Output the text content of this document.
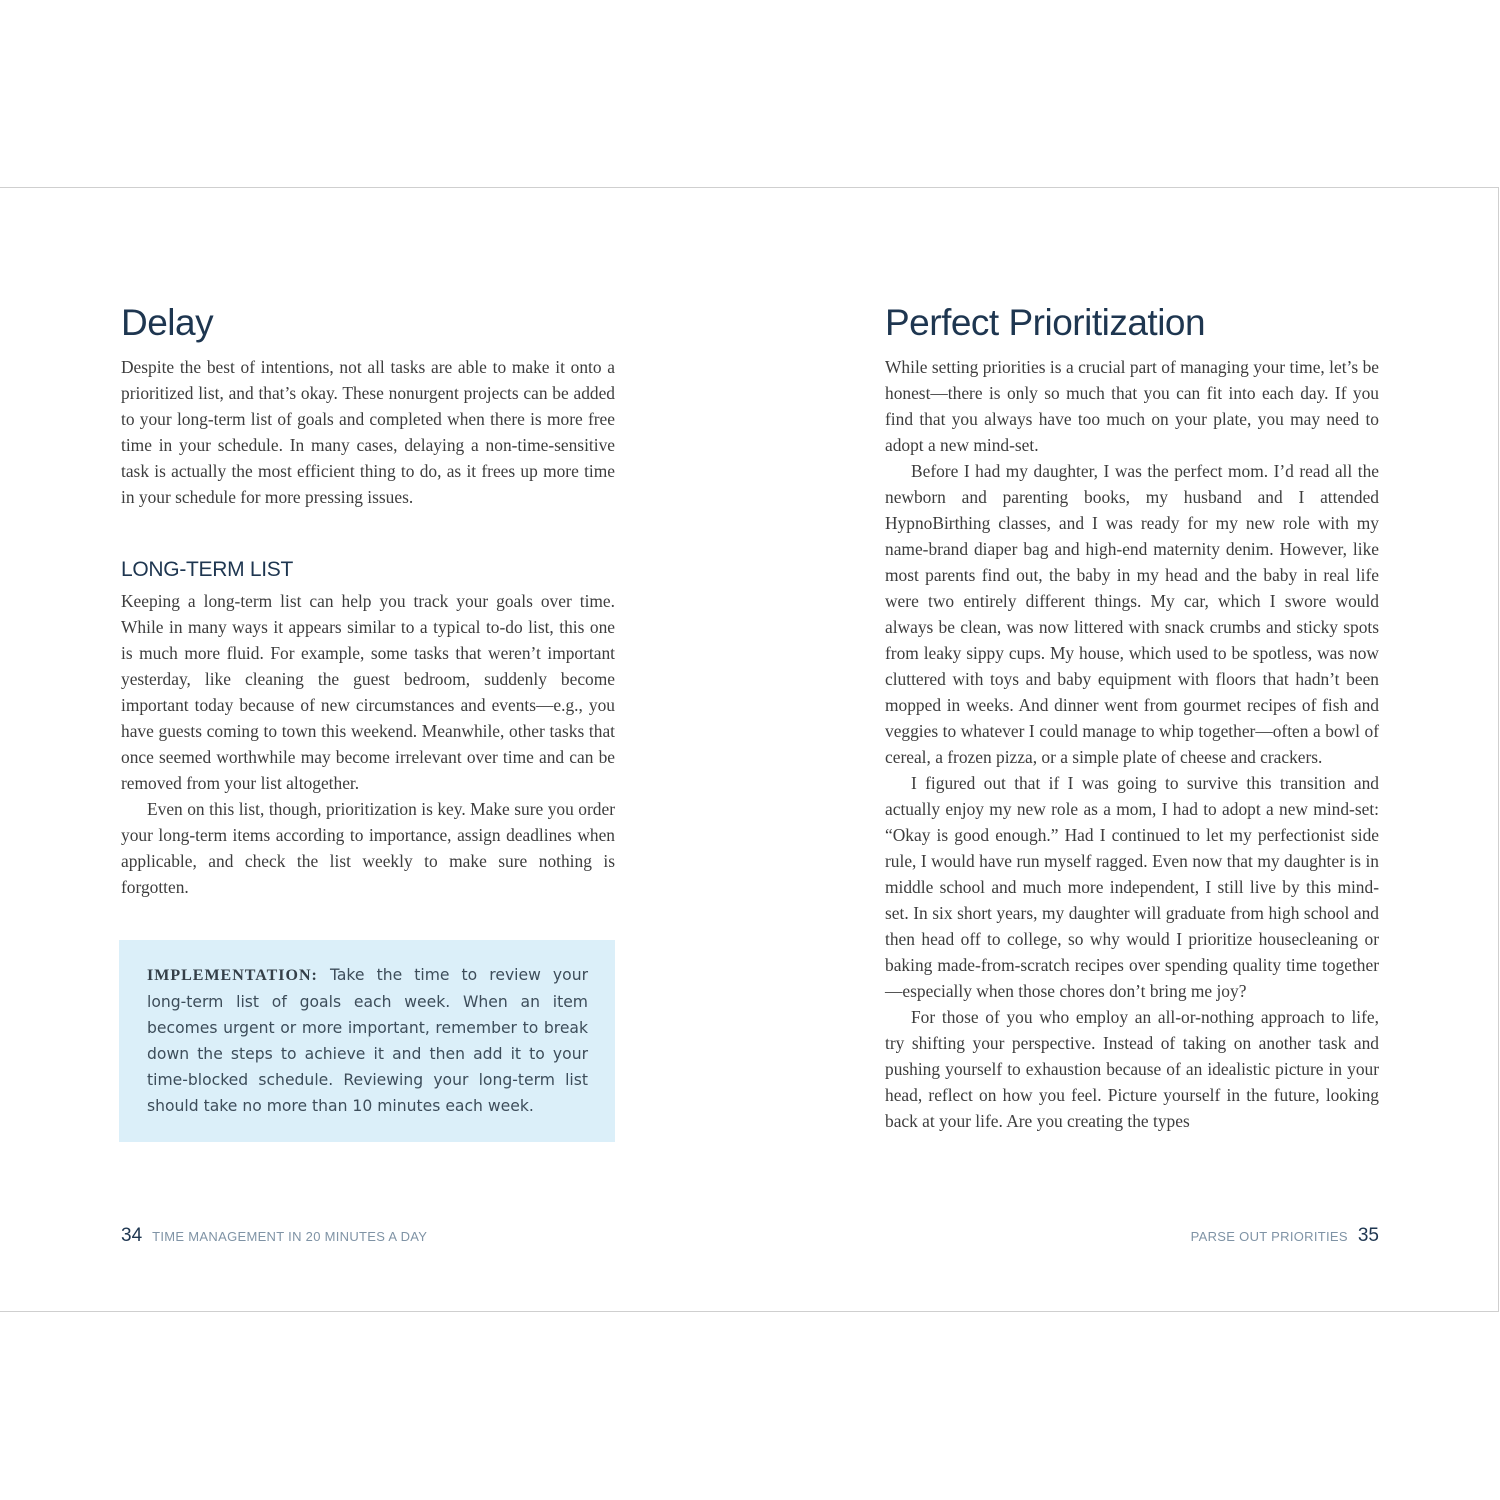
Delay

Despite the best of intentions, not all tasks are able to make it onto a prioritized list, and that’s okay. These nonurgent projects can be added to your long-term list of goals and completed when there is more free time in your schedule. In many cases, delaying a non-time-sensitive task is actually the most efficient thing to do, as it frees up more time in your schedule for more pressing issues.

LONG-TERM LIST

Keeping a long-term list can help you track your goals over time. While in many ways it appears similar to a typical to-do list, this one is much more fluid. For example, some tasks that weren’t important yesterday, like cleaning the guest bedroom, suddenly become important today because of new circumstances and events—e.g., you have guests coming to town this weekend. Meanwhile, other tasks that once seemed worthwhile may become irrelevant over time and can be removed from your list altogether.

Even on this list, though, prioritization is key. Make sure you order your long-term items according to importance, assign deadlines when applicable, and check the list weekly to make sure nothing is forgotten.

IMPLEMENTATION: Take the time to review your long-term list of goals each week. When an item becomes urgent or more important, remember to break down the steps to achieve it and then add it to your time-blocked schedule. Reviewing your long-term list should take no more than 10 minutes each week.

34 TIME MANAGEMENT IN 20 MINUTES A DAY
Perfect Prioritization

While setting priorities is a crucial part of managing your time, let’s be honest—there is only so much that you can fit into each day. If you find that you always have too much on your plate, you may need to adopt a new mind-set.

Before I had my daughter, I was the perfect mom. I’d read all the newborn and parenting books, my husband and I attended HypnoBirthing classes, and I was ready for my new role with my name-brand diaper bag and high-end maternity denim. However, like most parents find out, the baby in my head and the baby in real life were two entirely different things. My car, which I swore would always be clean, was now littered with snack crumbs and sticky spots from leaky sippy cups. My house, which used to be spotless, was now cluttered with toys and baby equipment with floors that hadn’t been mopped in weeks. And dinner went from gourmet recipes of fish and veggies to whatever I could manage to whip together—often a bowl of cereal, a frozen pizza, or a simple plate of cheese and crackers.

I figured out that if I was going to survive this transition and actually enjoy my new role as a mom, I had to adopt a new mind-set: “Okay is good enough.” Had I continued to let my perfectionist side rule, I would have run myself ragged. Even now that my daughter is in middle school and much more independent, I still live by this mind-set. In six short years, my daughter will graduate from high school and then head off to college, so why would I prioritize housecleaning or baking made-from-scratch recipes over spending quality time together—especially when those chores don’t bring me joy?

For those of you who employ an all-or-nothing approach to life, try shifting your perspective. Instead of taking on another task and pushing yourself to exhaustion because of an idealistic picture in your head, reflect on how you feel. Picture yourself in the future, looking back at your life. Are you creating the types

PARSE OUT PRIORITIES 35
